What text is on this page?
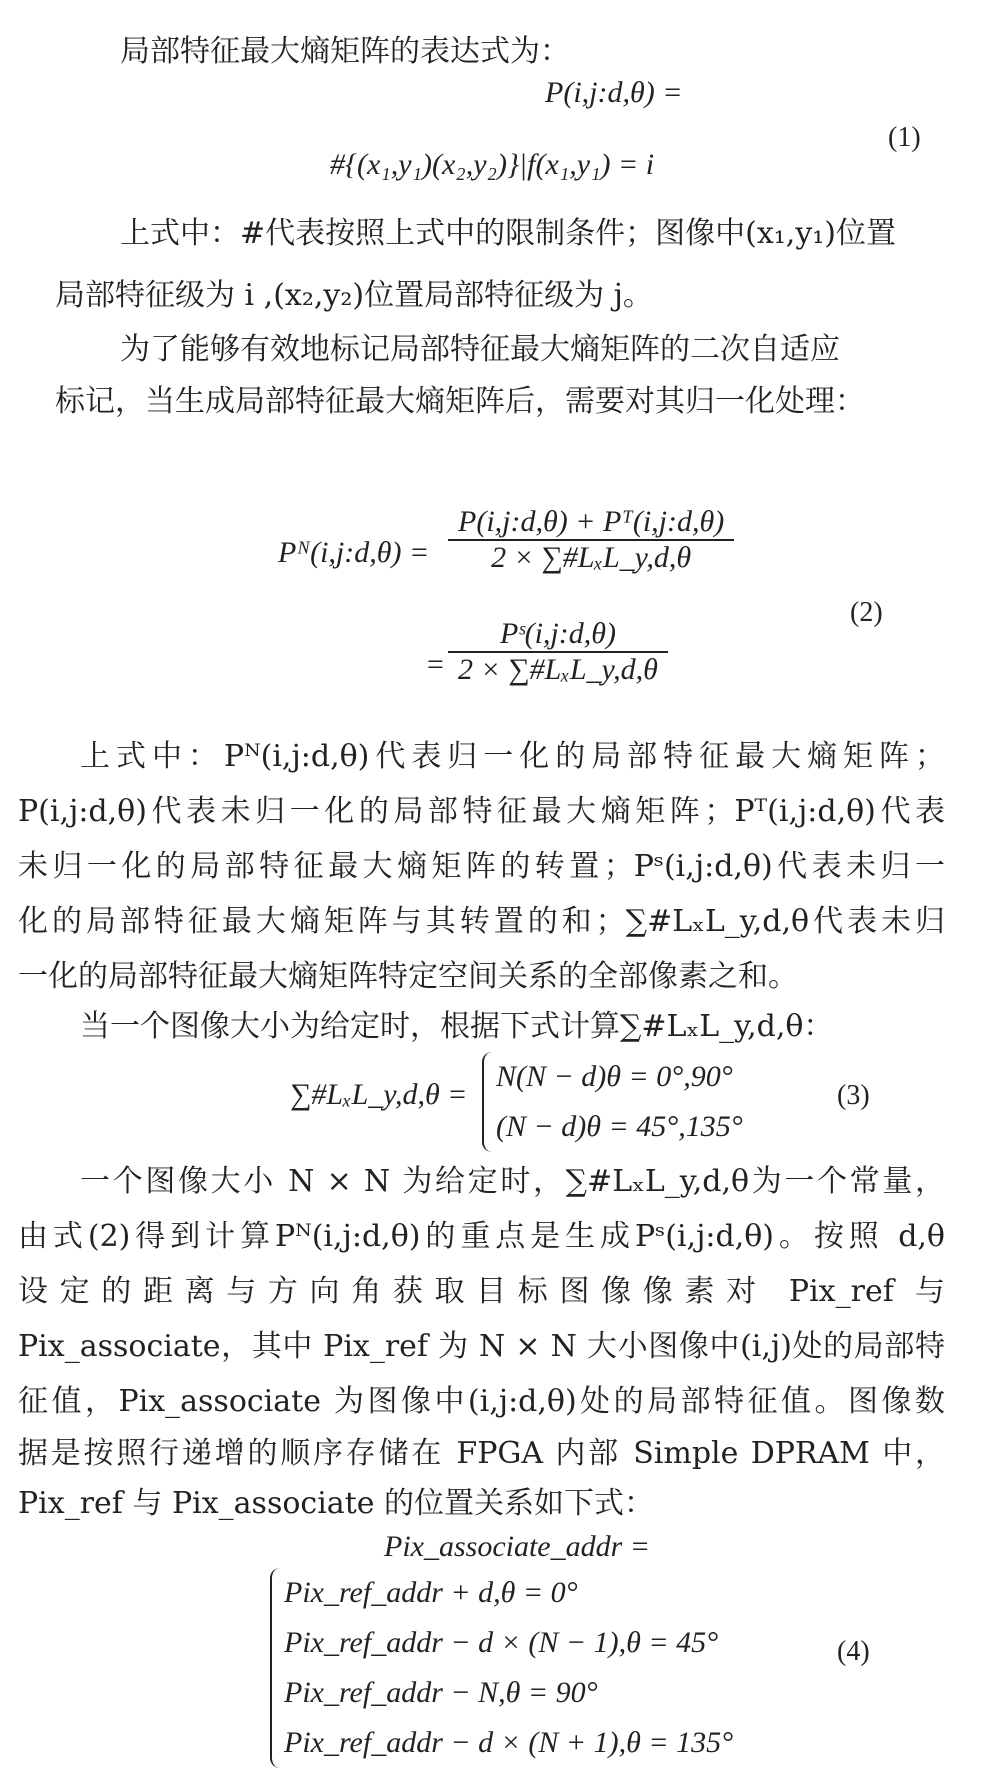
局部特征最大熵矩阵的表达式为：
P(i,j:d,θ) =
#{(x₁,y₁)(x₂,y₂)}|f(x₁,y₁) = i
(1)
上式中：#代表按照上式中的限制条件；图像中(x₁,y₁)位置
局部特征级为 i ,(x₂,y₂)位置局部特征级为 j。
为了能够有效地标记局部特征最大熵矩阵的二次自适应
标记，当生成局部特征最大熵矩阵后，需要对其归一化处理：
Pᴺ(i,j:d,θ) = $\frac{\text{P(i,j:d,θ) + Pᵀ(i,j:d,θ)}}{\text{2 × ∑\#LₓL\_y,d,θ}}$
= $\frac{\text{Pˢ(i,j:d,θ)}}{\text{2 × ∑\#LₓL\_y,d,θ}}$
(2)
上式中：Pᴺ(i,j:d,θ)代表归一化的局部特征最大熵矩阵；
P(i,j:d,θ)代表未归一化的局部特征最大熵矩阵；Pᵀ(i,j:d,θ)代表
未归一化的局部特征最大熵矩阵的转置；Pˢ(i,j:d,θ)代表未归一
化的局部特征最大熵矩阵与其转置的和；∑#LₓL_y,d,θ代表未归
一化的局部特征最大熵矩阵特定空间关系的全部像素之和。
当一个图像大小为给定时，根据下式计算∑#LₓL_y,d,θ：
∑#LₓL_y,d,θ =
N(N − d)θ = 0°,90°
(N − d)θ = 45°,135°
(3)
一个图像大小 N × N 为给定时，∑#LₓL_y,d,θ为一个常量，
由式(2)得到计算Pᴺ(i,j:d,θ)的重点是生成Pˢ(i,j:d,θ)。按照 d,θ
设定的距离与方向角获取目标图像像素对 Pix_ref 与
Pix_associate，其中 Pix_ref 为 N × N 大小图像中(i,j)处的局部特
征值，Pix_associate 为图像中(i,j:d,θ)处的局部特征值。图像数
据是按照行递增的顺序存储在 FPGA 内部 Simple DPRAM 中，
Pix_ref 与 Pix_associate 的位置关系如下式：
Pix_associate_addr =
Pix_ref_addr + d,θ = 0°
Pix_ref_addr − d × (N − 1),θ = 45°
Pix_ref_addr − N,θ = 90°
Pix_ref_addr − d × (N + 1),θ = 135°
(4)
